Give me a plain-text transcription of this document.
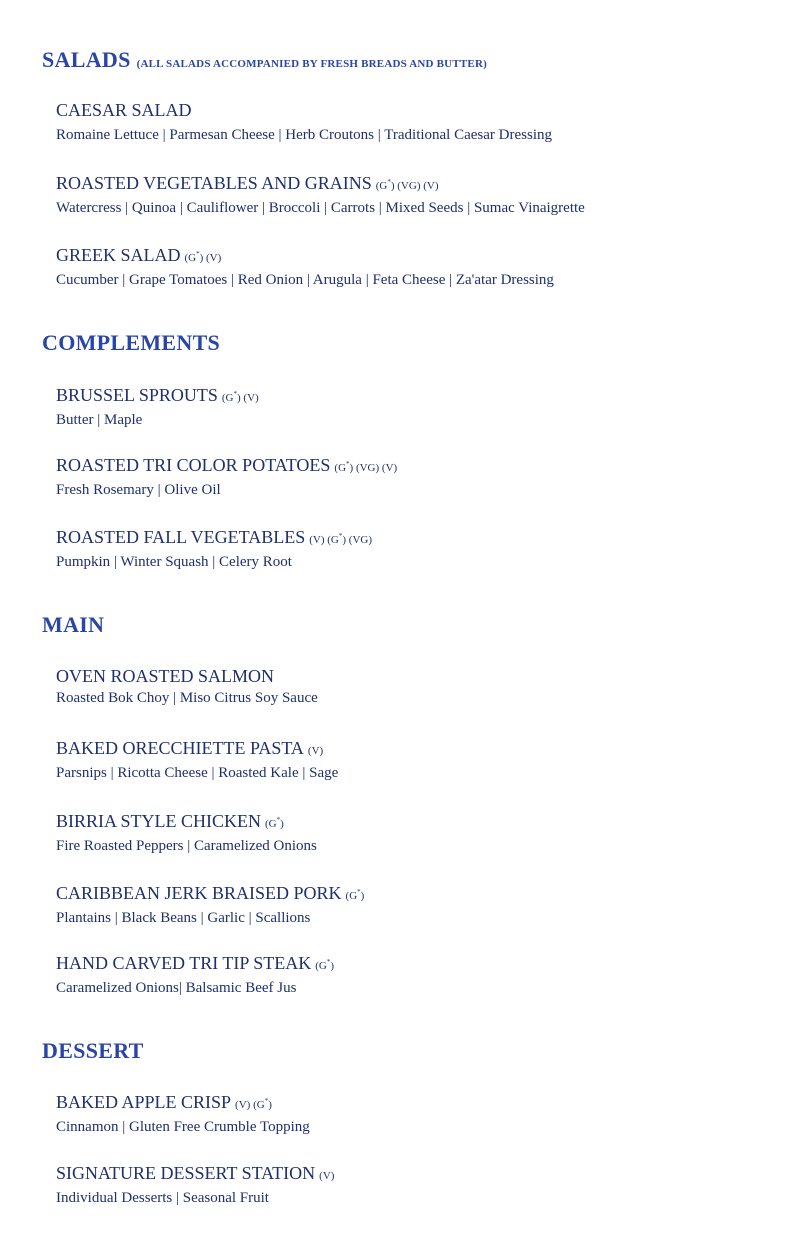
SALADS (ALL SALADS ACCOMPANIED BY FRESH BREADS AND BUTTER)
CAESAR SALAD
Romaine Lettuce | Parmesan Cheese | Herb Croutons | Traditional Caesar Dressing
ROASTED VEGETABLES AND GRAINS (G*) (VG) (V)
Watercress | Quinoa | Cauliflower | Broccoli | Carrots | Mixed Seeds | Sumac Vinaigrette
GREEK SALAD (G*) (V)
Cucumber | Grape Tomatoes | Red Onion | Arugula | Feta Cheese | Za'atar Dressing
COMPLEMENTS
BRUSSEL SPROUTS (G*) (V)
Butter | Maple
ROASTED TRI COLOR POTATOES (G*) (VG) (V)
Fresh Rosemary | Olive Oil
ROASTED FALL VEGETABLES (V) (G*) (VG)
Pumpkin | Winter Squash | Celery Root
MAIN
OVEN ROASTED SALMON
Roasted Bok Choy | Miso Citrus Soy Sauce
BAKED ORECCHIETTE PASTA (V)
Parsnips | Ricotta Cheese | Roasted Kale | Sage
BIRRIA STYLE CHICKEN (G*)
Fire Roasted Peppers | Caramelized Onions
CARIBBEAN JERK BRAISED PORK (G*)
Plantains | Black Beans | Garlic | Scallions
HAND CARVED TRI TIP STEAK (G*)
Caramelized Onions| Balsamic Beef Jus
DESSERT
BAKED APPLE CRISP (V) (G*)
Cinnamon | Gluten Free Crumble Topping
SIGNATURE DESSERT STATION (V)
Individual Desserts | Seasonal Fruit
